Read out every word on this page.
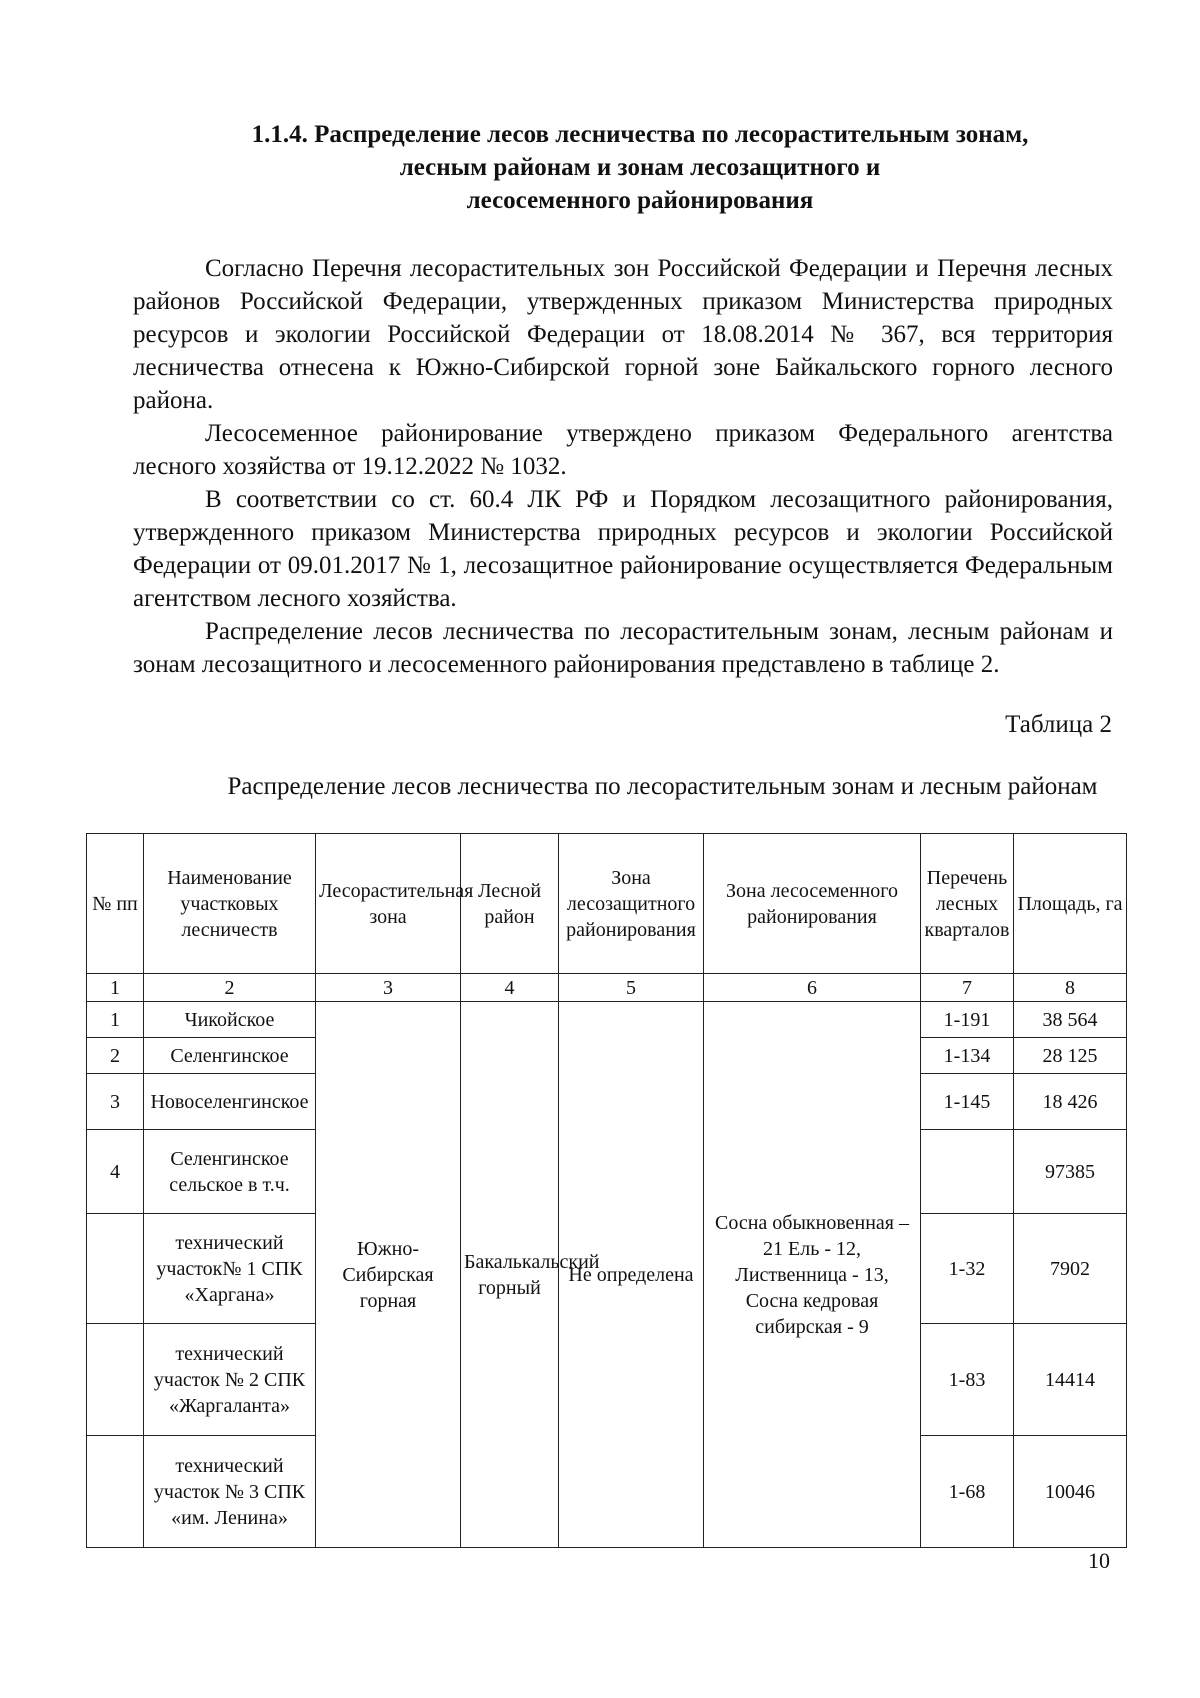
1.1.4. Распределение лесов лесничества по лесорастительным зонам,
лесным районам и зонам лесозащитного и
лесосеменного районирования

Согласно Перечня лесорастительных зон Российской Федерации и Перечня лесных районов Российской Федерации, утвержденных приказом Министерства природных ресурсов и экологии Российской Федерации от 18.08.2014 № 367, вся территория лесничества отнесена к Южно-Сибирской горной зоне Байкальского горного лесного района.

Лесосеменное районирование утверждено приказом Федерального агентства лесного хозяйства от 19.12.2022 № 1032.

В соответствии со ст. 60.4 ЛК РФ и Порядком лесозащитного районирования, утвержденного приказом Министерства природных ресурсов и экологии Российской Федерации от 09.01.2017 № 1, лесозащитное районирование осуществляется Федеральным агентством лесного хозяйства.

Распределение лесов лесничества по лесорастительным зонам, лесным районам и зонам лесозащитного и лесосеменного районирования представлено в таблице 2.

Таблица 2
Распределение лесов лесничества по лесорастительным зонам и лесным районам
№ пп	Наименование участковых лесничеств	Лесорастительная зона	Лесной район	Зона лесозащитного районирования	Зона лесосеменного районирования	Перечень лесных кварталов	Площадь, га
1	2	3	4	5	6	7	8
1	Чикойское	Южно-Сибирская горная	Бакалькальский горный	Не определена	Сосна обыкновенная – 21 Ель - 12, Лиственница - 13, Сосна кедровая сибирская - 9	1-191	38 564
2	Селенгинское					1-134	28 125
3	Новоселенгинское					1-145	18 426
4	Селенгинское сельское в т.ч.						97385
	технический участок№ 1 СПК «Харгана»					1-32	7902
	технический участок № 2 СПК «Жаргаланта»					1-83	14414
	технический участок № 3 СПК «им. Ленина»					1-68	10046
10
